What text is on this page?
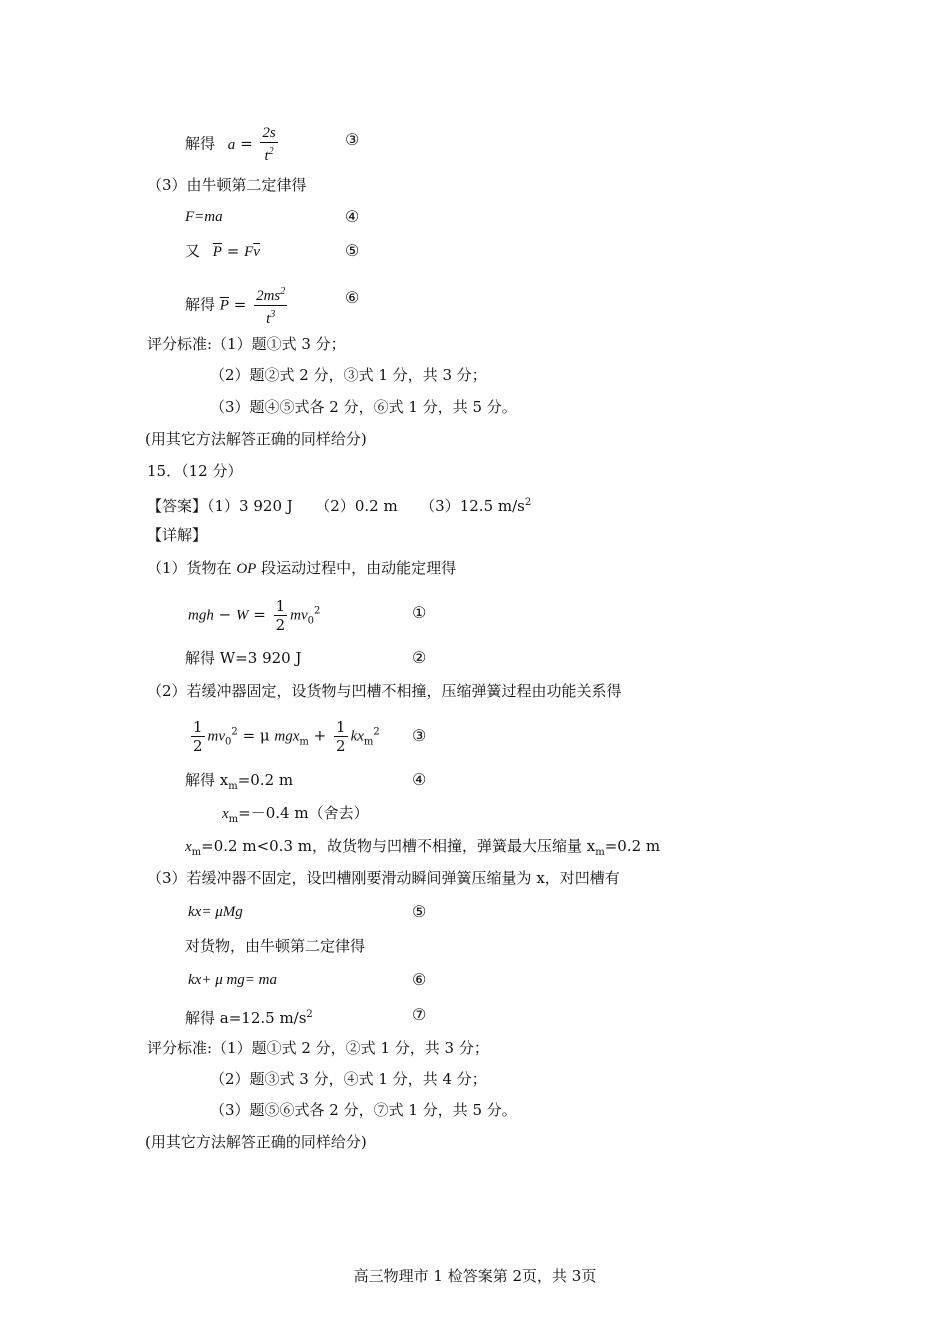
解得 $a = \frac{2s}{t^2}$	③
（3）由牛顿第二定律得
F=ma	④
又 $\overline{P} = F\overline{v}$	⑤
解得 $\overline{P} = \frac{2ms^2}{t^3}$	⑥
评分标准:（1）题①式 3 分；
（2）题②式 2 分，③式 1 分，共 3 分；
（3）题④⑤式各 2 分，⑥式 1 分，共 5 分。
(用其它方法解答正确的同样给分)
15．（12 分）
【答案】（1）3 920 J　　（2）0.2 m　　（3）12.5 $m/s^2$
【详解】
（1）货物在 OP 段运动过程中，由动能定理得
mgh − $W = \frac{1}{2} mv_0^2$	①
解得 W=3 920 J	②
（2）若缓冲器固定，设货物与凹槽不相撞，压缩弹簧过程由功能关系得
$\frac{1}{2} mv_0^2 = \mu$ $mgx_m + \frac{1}{2} kx_m^2$ ③
解得 $x_m=0.2$ m	④
$x_m=-0.4$ m（舍去）
$x_m=0.2$ m<0.3 m，故货物与凹槽不相撞，弹簧最大压缩量 $x_m=0.2$ m
（3）若缓冲器不固定，设凹槽刚要滑动瞬间弹簧压缩量为 x，对凹槽有
kx= μMg	⑤
对货物，由牛顿第二定律得
kx+ μ mg= ma	⑥
解得 a=12.5 $m/s^2$	⑦
评分标准:（1）题①式 2 分，②式 1 分，共 3 分；
（2）题③式 3 分，④式 1 分，共 4 分；
（3）题⑤⑥式各 2 分，⑦式 1 分，共 5 分。
(用其它方法解答正确的同样给分)
高三物理市 1 检答案第 2页，共 3页
